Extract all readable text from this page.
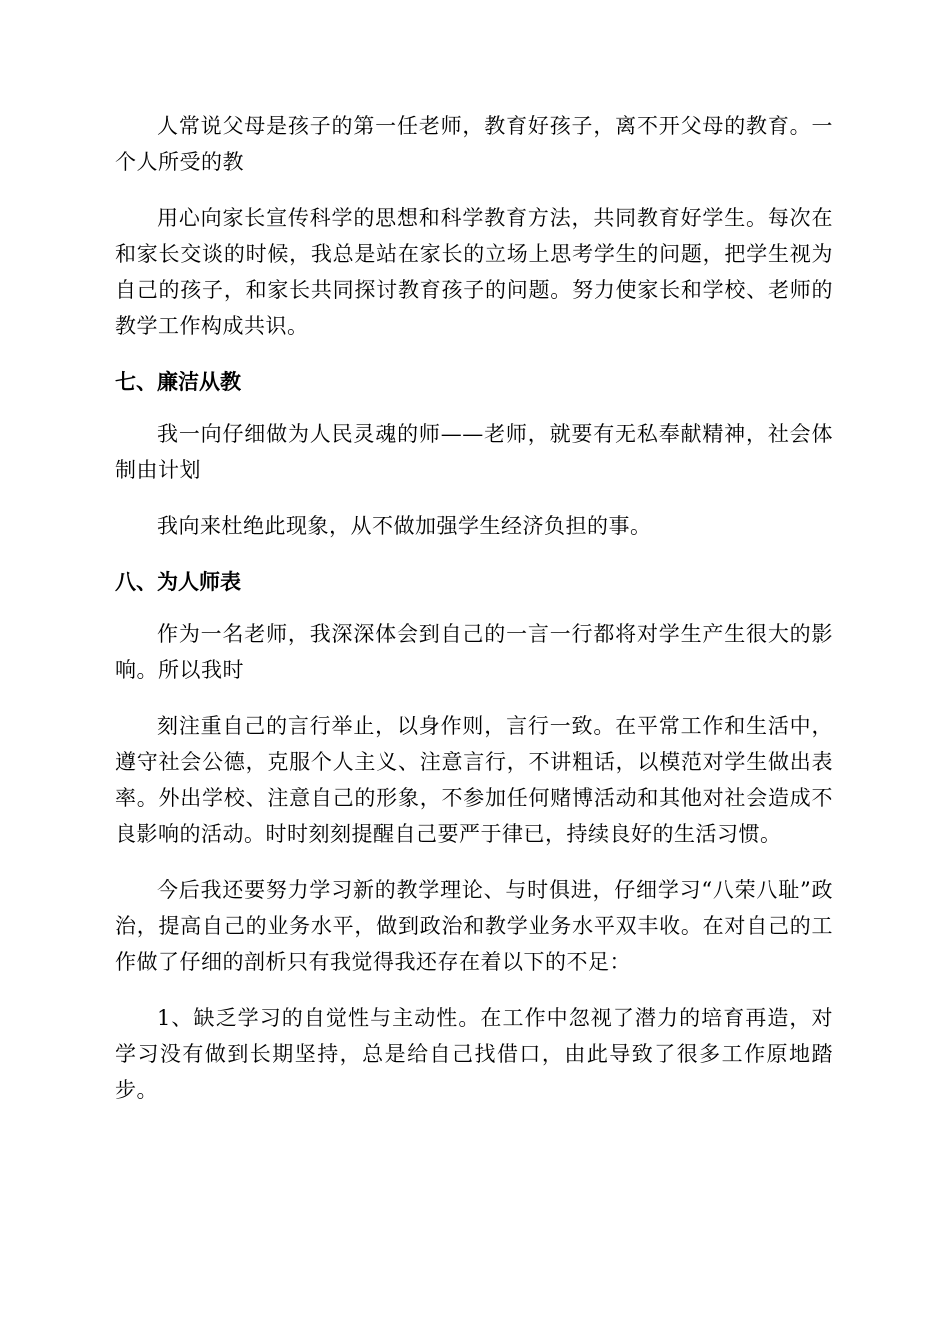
人常说父母是孩子的第一任老师，教育好孩子，离不开父母的教育。一个人所受的教

用心向家长宣传科学的思想和科学教育方法，共同教育好学生。每次在和家长交谈的时候，我总是站在家长的立场上思考学生的问题，把学生视为自己的孩子，和家长共同探讨教育孩子的问题。努力使家长和学校、老师的教学工作构成共识。

七、廉洁从教

我一向仔细做为人民灵魂的师——老师，就要有无私奉献精神，社会体制由计划

我向来杜绝此现象，从不做加强学生经济负担的事。

八、为人师表

作为一名老师，我深深体会到自己的一言一行都将对学生产生很大的影响。所以我时

刻注重自己的言行举止，以身作则，言行一致。在平常工作和生活中，遵守社会公德，克服个人主义、注意言行，不讲粗话，以模范对学生做出表率。外出学校、注意自己的形象，不参加任何赌博活动和其他对社会造成不良影响的活动。时时刻刻提醒自己要严于律已，持续良好的生活习惯。

今后我还要努力学习新的教学理论、与时俱进，仔细学习“八荣八耻”政治，提高自己的业务水平，做到政治和教学业务水平双丰收。在对自己的工作做了仔细的剖析只有我觉得我还存在着以下的不足：

1、缺乏学习的自觉性与主动性。在工作中忽视了潜力的培育再造，对学习没有做到长期坚持，总是给自己找借口，由此导致了很多工作原地踏步。
